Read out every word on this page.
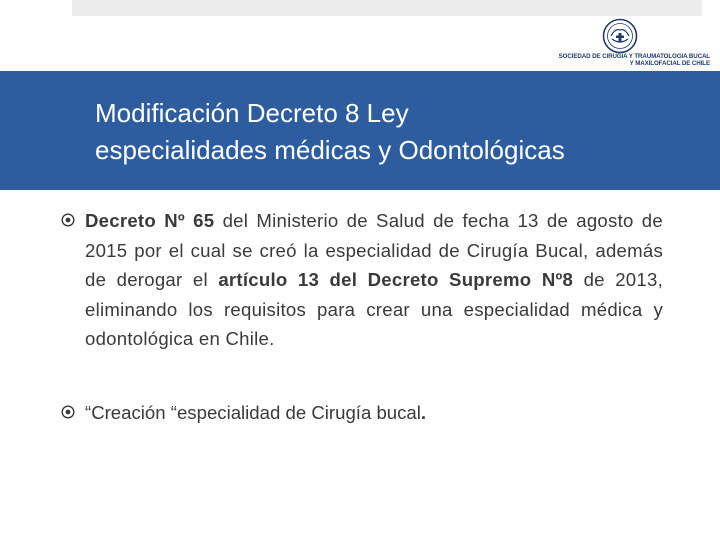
SOCIEDAD DE CIRUGIA Y TRAUMATOLOGIA BUCAL
Y MAXILOFACIAL DE CHILE
Modificación Decreto 8 Ley
especialidades médicas y Odontológicas
Decreto Nº 65 del Ministerio de Salud de fecha 13 de agosto de 2015 por el cual se creó la especialidad de Cirugía Bucal, además de derogar el artículo 13 del Decreto Supremo Nº8 de 2013, eliminando los requisitos para crear una especialidad médica y odontológica en Chile.
“Creación “especialidad de Cirugía bucal.
